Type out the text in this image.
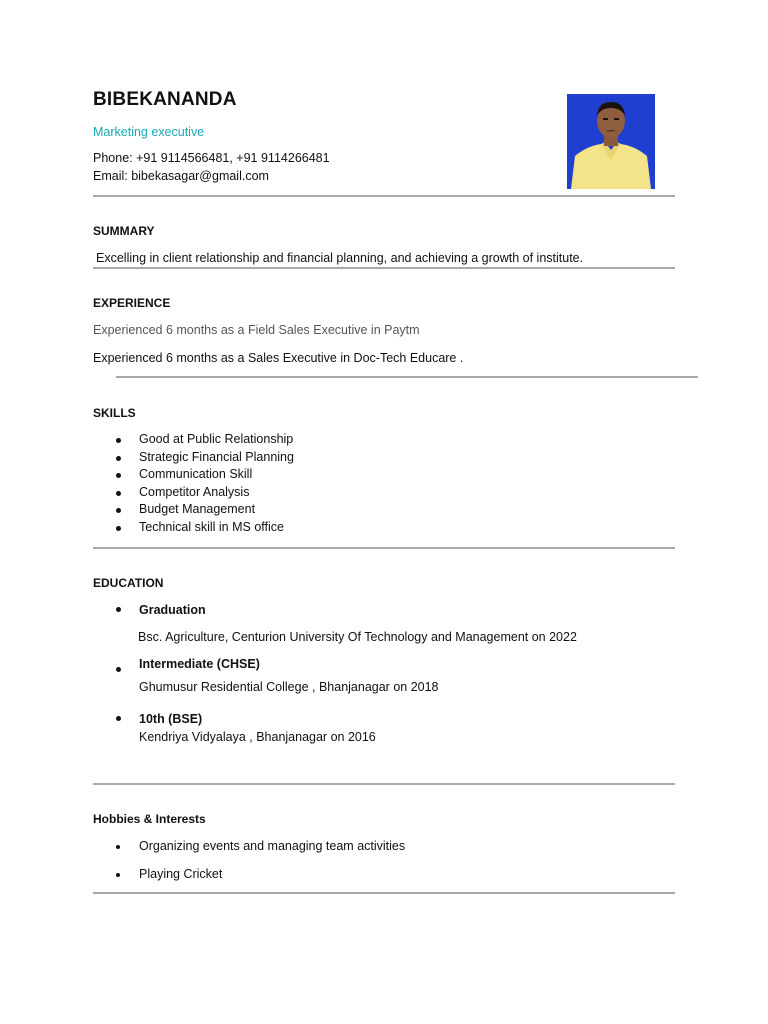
BIBEKANANDA
Marketing executive
Phone: +91 9114566481, +91 9114266481
Email: bibekasagar@gmail.com
SUMMARY
Excelling in client relationship and financial planning, and achieving a growth of institute.
EXPERIENCE
Experienced 6 months as a Field Sales Executive in Paytm
Experienced 6 months as a Sales Executive in Doc-Tech Educare .
SKILLS
Good at Public Relationship
Strategic Financial Planning
Communication Skill
Competitor Analysis
Budget Management
Technical skill in MS office
EDUCATION
Graduation
Bsc. Agriculture, Centurion University Of Technology and Management on 2022
Intermediate (CHSE)
Ghumusur Residential College , Bhanjanagar on 2018
10th (BSE)
Kendriya Vidyalaya , Bhanjanagar on 2016
Hobbies & Interests
Organizing events and managing team activities
Playing Cricket
